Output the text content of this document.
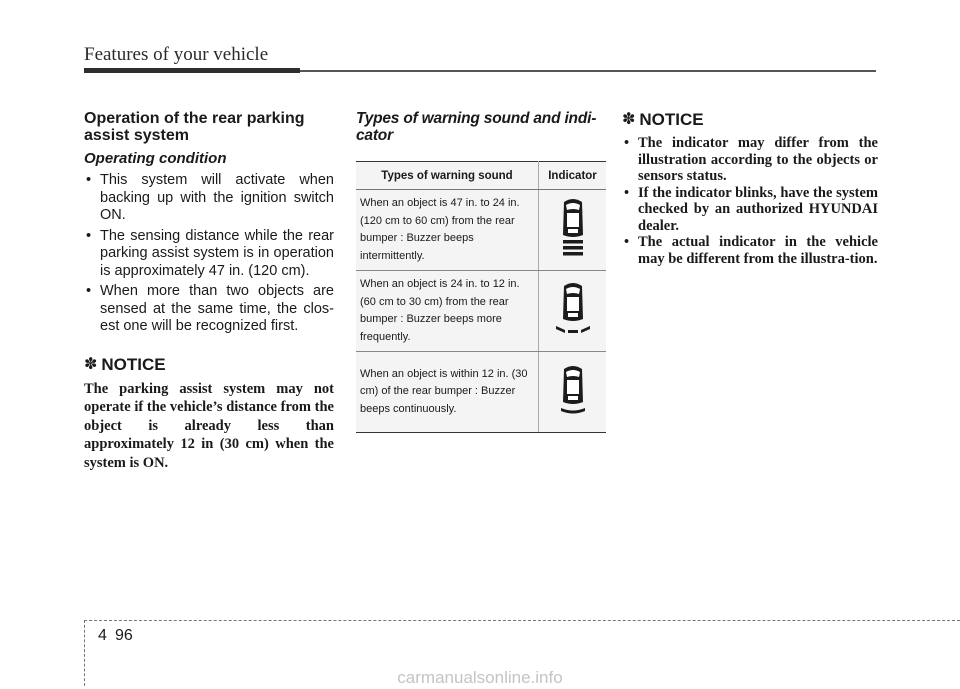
Features of your vehicle
Operation of the rear parking assist system
Operating condition
• This system will activate when backing up with the ignition switch ON.
• The sensing distance while the rear parking assist system is in operation is approximately 47 in. (120 cm).
• When more than two objects are sensed at the same time, the clos-est one will be recognized first.
✽ NOTICE

The parking assist system may not operate if the vehicle’s distance from the object is already less than approximately 12 in (30 cm) when the system is ON.

Types of warning sound and indi-cator
Types of warning sound	Indicator
When an object is 47 in. to 24 in. (120 cm to 60 cm) from the rear bumper : Buzzer beeps intermittently.	
When an object is 24 in. to 12 in. (60 cm to 30 cm) from the rear bumper : Buzzer beeps more frequently.	
When an object is within 12 in. (30 cm) of the rear bumper : Buzzer beeps continuously.	
✽ NOTICE
• The indicator may differ from the illustration according to the objects or sensors status.
• If the indicator blinks, have the system checked by an authorized HYUNDAI dealer.
• The actual indicator in the vehicle may be different from the illustra-tion.
4 96
carmanualsonline.info
